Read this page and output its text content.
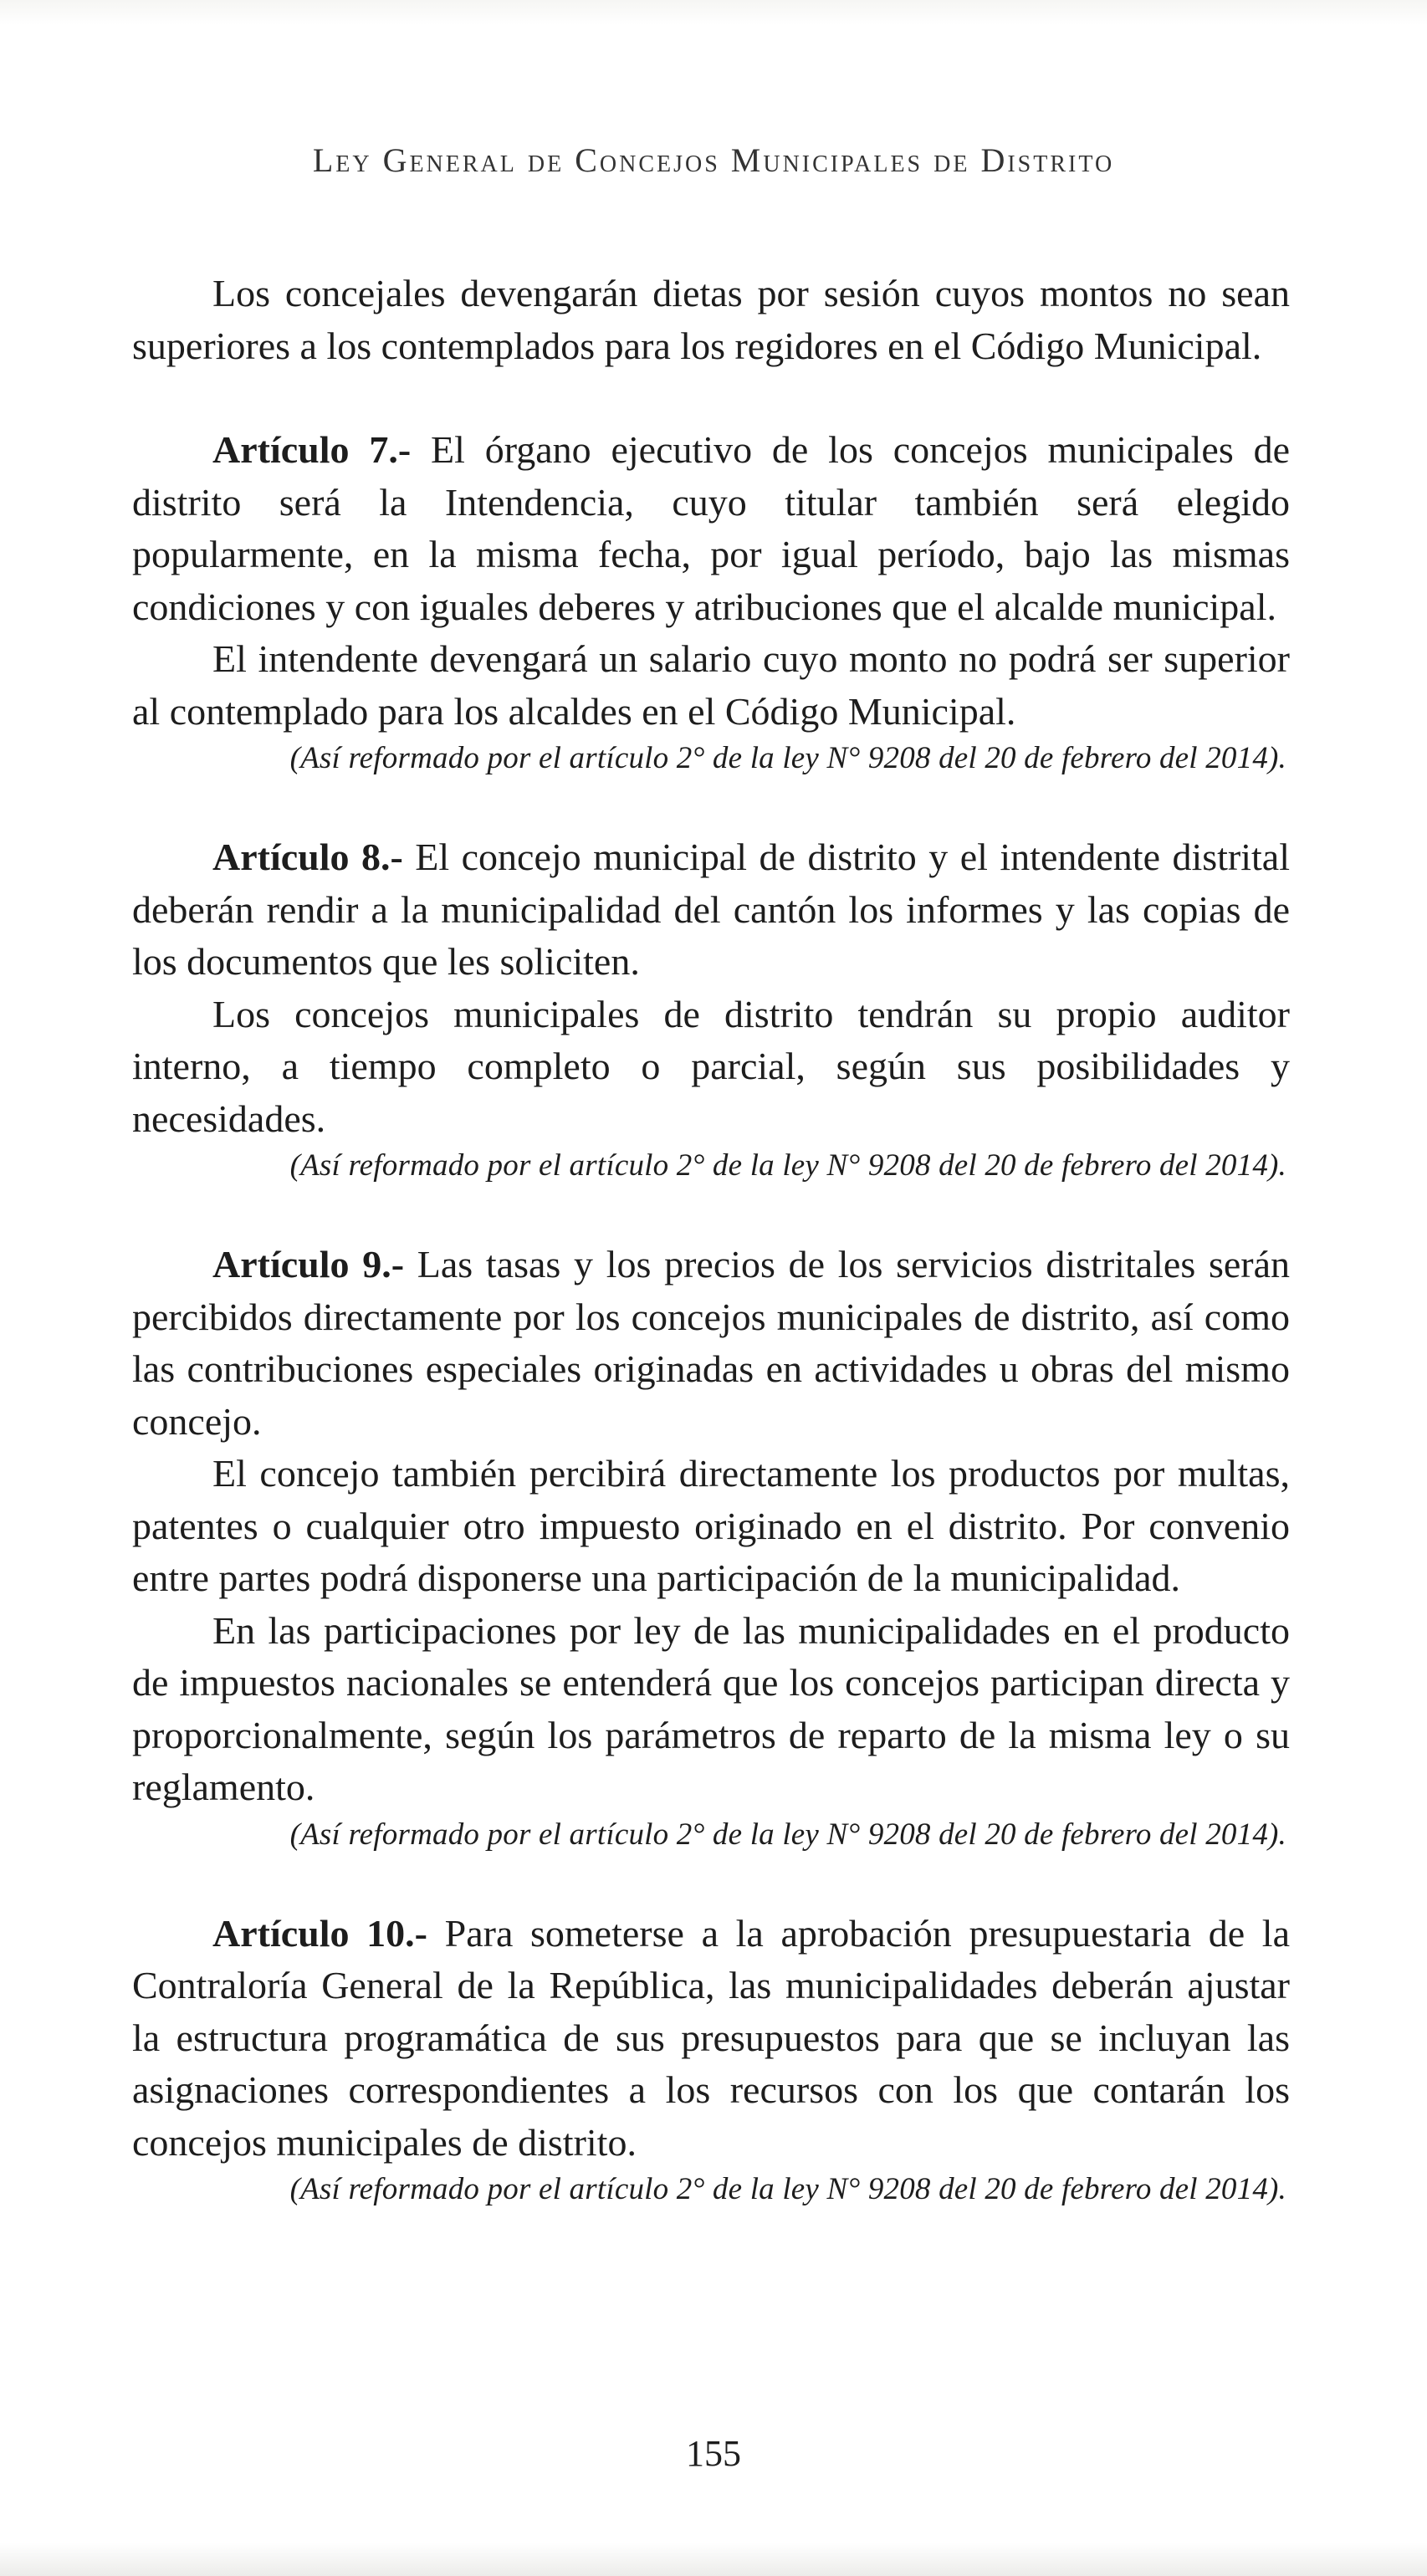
Ley General de Concejos Municipales de Distrito

Los concejales devengarán dietas por sesión cuyos montos no sean superiores a los contemplados para los regidores en el Código Municipal.

Artículo 7.- El órgano ejecutivo de los concejos municipales de distrito será la Intendencia, cuyo titular también será elegido popularmente, en la misma fecha, por igual período, bajo las mismas condiciones y con iguales deberes y atribuciones que el alcalde municipal.

El intendente devengará un salario cuyo monto no podrá ser superior al contemplado para los alcaldes en el Código Municipal.

(Así reformado por el artículo 2° de la ley N° 9208 del 20 de febrero del 2014).

Artículo 8.- El concejo municipal de distrito y el intendente distrital deberán rendir a la municipalidad del cantón los informes y las copias de los documentos que les soliciten.

Los concejos municipales de distrito tendrán su propio auditor interno, a tiempo completo o parcial, según sus posibilidades y necesidades.

(Así reformado por el artículo 2° de la ley N° 9208 del 20 de febrero del 2014).

Artículo 9.- Las tasas y los precios de los servicios distritales serán percibidos directamente por los concejos municipales de distrito, así como las contribuciones especiales originadas en actividades u obras del mismo concejo.

El concejo también percibirá directamente los productos por multas, patentes o cualquier otro impuesto originado en el distrito. Por convenio entre partes podrá disponerse una participación de la municipalidad.

En las participaciones por ley de las municipalidades en el producto de impuestos nacionales se entenderá que los concejos participan directa y proporcionalmente, según los parámetros de reparto de la misma ley o su reglamento.

(Así reformado por el artículo 2° de la ley N° 9208 del 20 de febrero del 2014).

Artículo 10.- Para someterse a la aprobación presupuestaria de la Contraloría General de la República, las municipalidades deberán ajustar la estructura programática de sus presupuestos para que se incluyan las asignaciones correspondientes a los recursos con los que contarán los concejos municipales de distrito.

(Así reformado por el artículo 2° de la ley N° 9208 del 20 de febrero del 2014).

155
